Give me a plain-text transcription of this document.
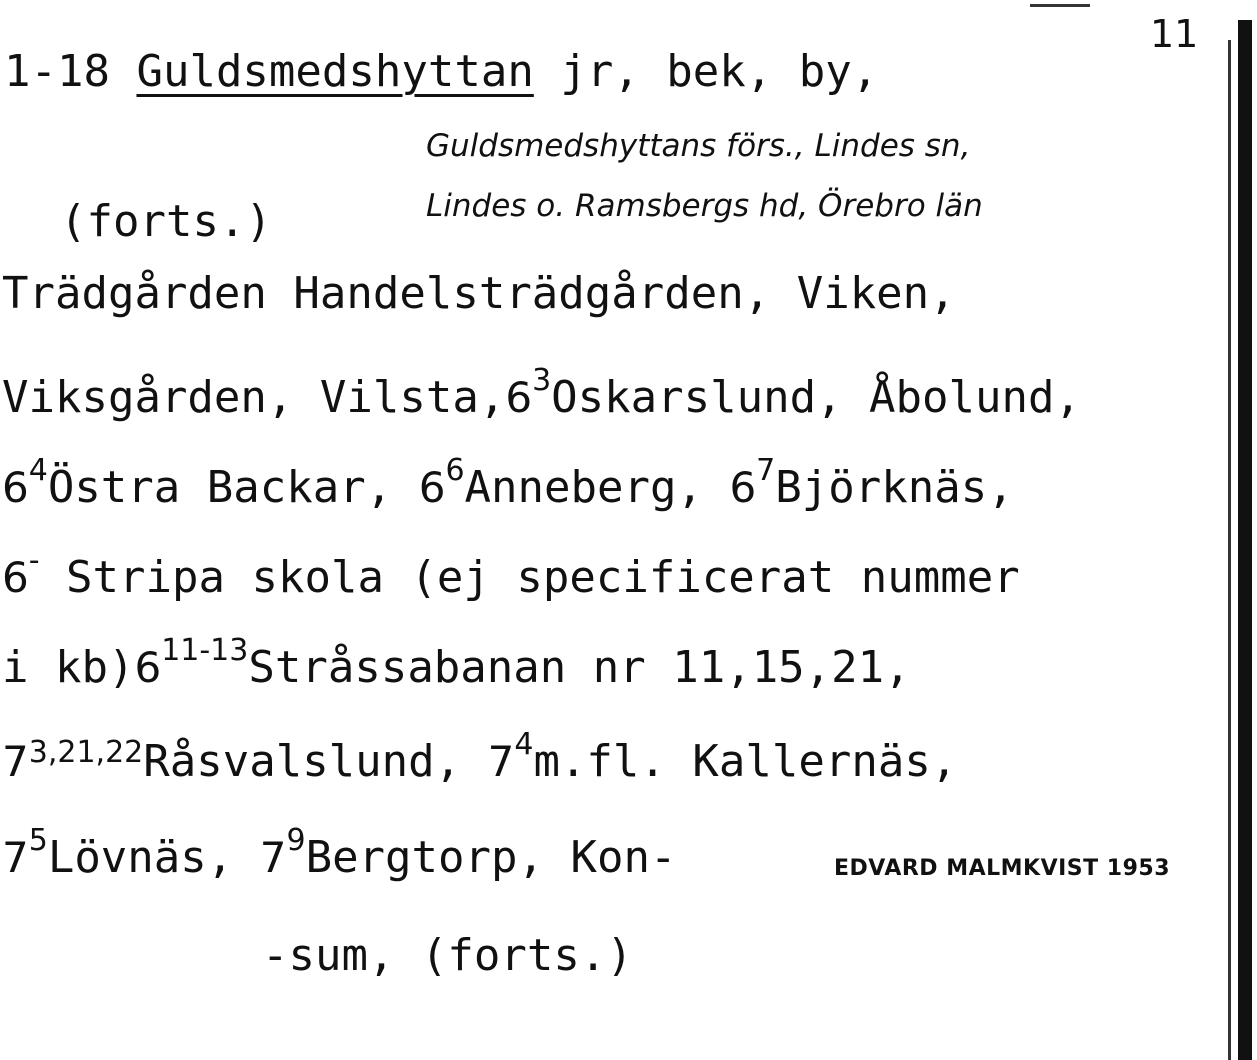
11
1-18 Guldsmedshyttan jr, bek, by,
Guldsmedshyttans förs., Lindes sn,
Lindes o. Ramsbergs hd, Örebro län
(forts.)
Trädgården Handelsträdgården, Viken,
Viksgården, $Vilsta,6^3Oskarslund$, Åbolund,
$6^4Östra$ Backar, $6^6Anneberg$, $6^7Björknäs$,
6- Stripa skola (ej specificerat nummer
i kb)6$^{11-13}$Stråssabanan nr 11,15,21,
7$^{3,21,22}$Råsvalslund, $7^4m.fl$. Kallernäs,
$7^5Lövnäs$, $7^9Bergtorp$, Kon-	EDVARD MALMKVIST 1953
-sum, (forts.)
